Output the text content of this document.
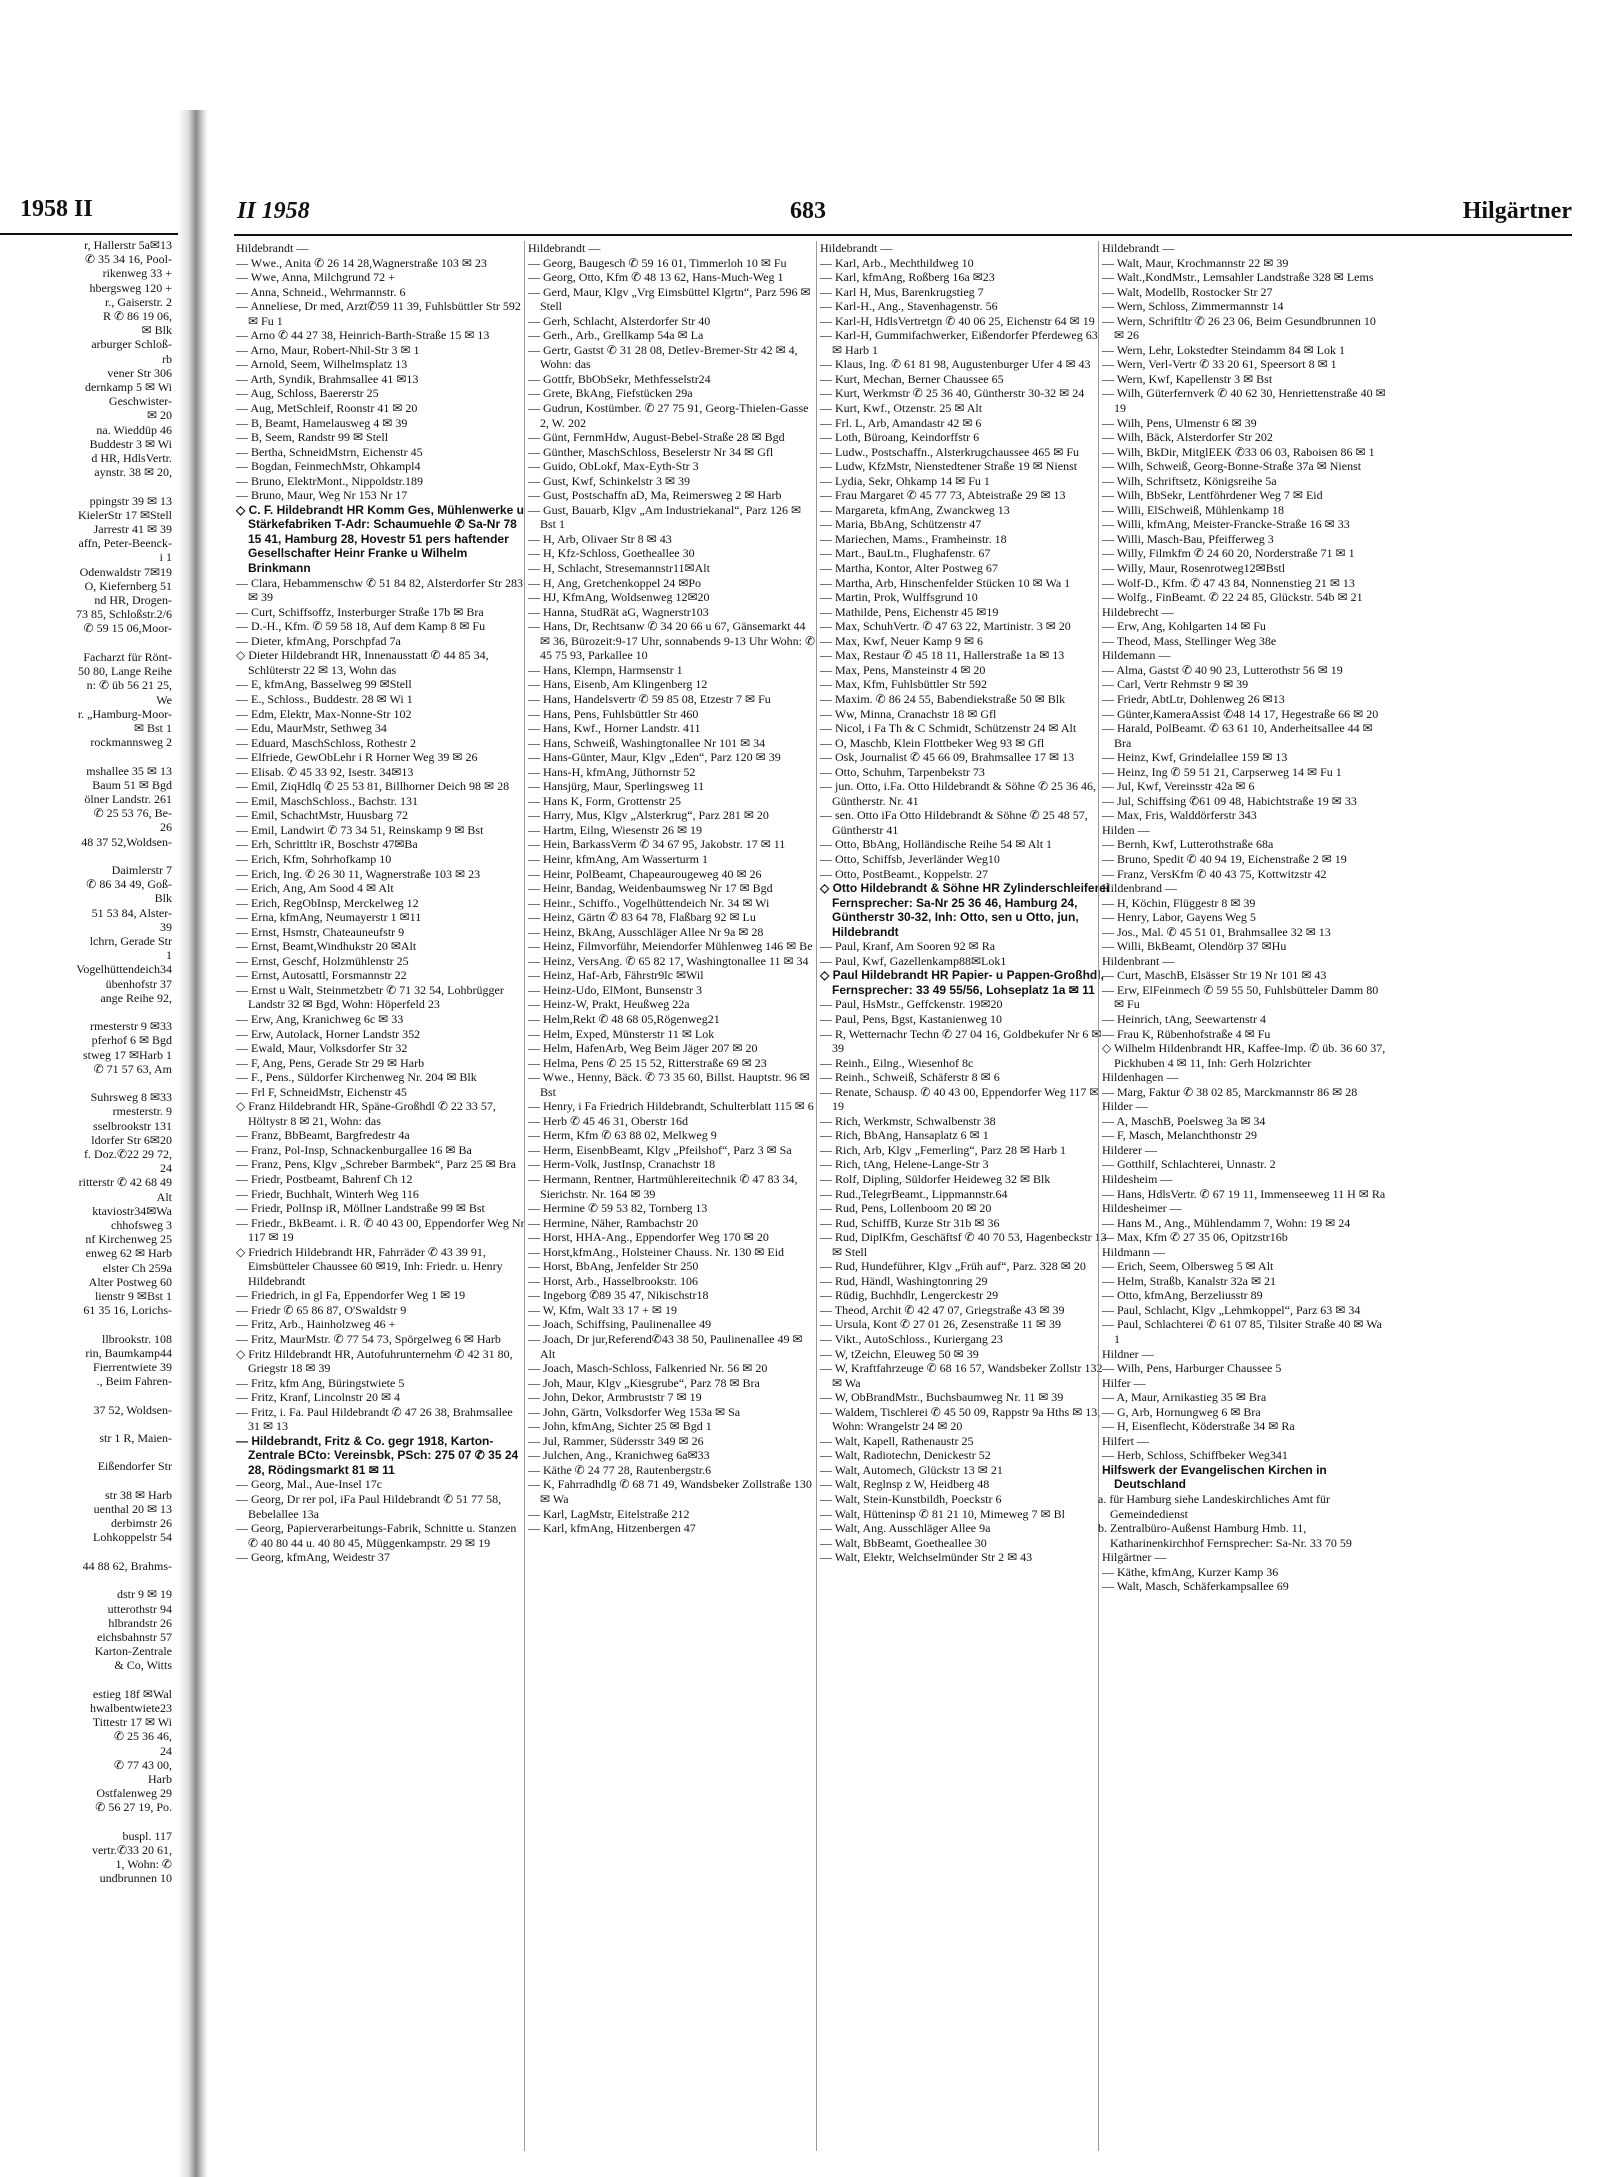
1958 II
r, Hallerstr 5a✉13
✆ 35 34 16, Pool-
rikenweg 33 +
hbergsweg 120 +
r., Gaiserstr. 2
R ✆ 86 19 06,
✉ Blk
arburger Schloß-
rb
vener Str 306
dernkamp 5 ✉ Wi
Geschwister-
✉ 20
na. Wieddüp 46
Buddestr 3 ✉ Wi
d HR, HdlsVertr.
aynstr. 38 ✉ 20,

ppingstr 39 ✉ 13
KielerStr 17 ✉Stell
Jarrestr 41 ✉ 39
affn, Peter-Beenck-
i 1
Odenwaldstr 7✉19
O, Kiefernberg 51
nd HR, Drogen-
73 85, Schloßstr.2/6
✆ 59 15 06,Moor-

Facharzt für Rönt-
50 80, Lange Reihe
n: ✆ üb 56 21 25,
We
r. „Hamburg-Moor-
✉ Bst 1
rockmannsweg 2

mshallee 35 ✉ 13
Baum 51 ✉ Bgd
ölner Landstr. 261
✆ 25 53 76, Be-
26
48 37 52,Woldsen-

Daimlerstr 7
✆ 86 34 49, Goß-
Blk
51 53 84, Alster-
39
lchrn, Gerade Str
1
Vogelhüttendeich34
übenhofstr 37
ange Reihe 92,

rmesterstr 9 ✉33
pferhof 6 ✉ Bgd
stweg 17 ✉Harb 1
✆ 71 57 63, Am

Suhrsweg 8 ✉33
rmesterstr. 9
sselbrookstr 131
ldorfer Str 6✉20
f. Doz.✆22 29 72,
24
ritterstr ✆ 42 68 49
Alt
ktaviostr34✉Wa
chhofsweg 3
nf Kirchenweg 25
enweg 62 ✉ Harb
elster Ch 259a
Alter Postweg 60
lienstr 9 ✉Bst 1
61 35 16, Lorichs-

llbrookstr. 108
rin, Baumkamp44
Fierrentwiete 39
., Beim Fahren-

37 52, Woldsen-

str 1 R, Maien-

Eißendorfer Str

str 38 ✉ Harb
uenthal 20 ✉ 13
derbimstr 26
Lohkoppelstr 54

44 88 62, Brahms-

dstr 9 ✉ 19
utterothstr 94
hlbrandstr 26
eichsbahnstr 57
Karton-Zentrale
& Co, Witts

estieg 18f ✉Wal
hwalbentwiete23
Tittestr 17 ✉ Wi
✆ 25 36 46,
24
✆ 77 43 00,
Harb
Ostfalenweg 29
✆ 56 27 19, Po.

buspl. 117
vertr.✆33 20 61,
1, Wohn: ✆
undbrunnen 10
II 1958	683	Hilgärtner

Hildebrandt —

— Wwe., Anita ✆ 26 14 28,Wagnerstraße 103 ✉ 23

— Wwe, Anna, Milchgrund 72 +

— Anna, Schneid., Wehrmannstr. 6

— Anneliese, Dr med, Arzt✆59 11 39, Fuhlsbüttler Str 592 ✉ Fu 1

— Arno ✆ 44 27 38, Heinrich-Barth-Straße 15 ✉ 13

— Arno, Maur, Robert-Nhil-Str 3 ✉ 1

— Arnold, Seem, Wilhelmsplatz 13

— Arth, Syndik, Brahmsallee 41 ✉13

— Aug, Schloss, Baererstr 25

— Aug, MetSchleif, Roonstr 41 ✉ 20

— B, Beamt, Hamelausweg 4 ✉ 39

— B, Seem, Randstr 99 ✉ Stell

— Bertha, SchneidMstrn, Eichenstr 45

— Bogdan, FeinmechMstr, Ohkampl4

— Bruno, ElektrMont., Nippoldstr.189

— Bruno, Maur, Weg Nr 153 Nr 17

◇ C. F. Hildebrandt HR Komm Ges, Mühlenwerke u Stärkefabriken T-Adr: Schaumuehle ✆ Sa-Nr 78 15 41, Hamburg 28, Hovestr 51 pers haftender Gesellschafter Heinr Franke u Wilhelm Brinkmann

— Clara, Hebammenschw ✆ 51 84 82, Alsterdorfer Str 283 ✉ 39

— Curt, Schiffsoffz, Insterburger Straße 17b ✉ Bra

— D.-H., Kfm. ✆ 59 58 18, Auf dem Kamp 8 ✉ Fu

— Dieter, kfmAng, Porschpfad 7a

◇ Dieter Hildebrandt HR, Innenausstatt ✆ 44 85 34, Schlüterstr 22 ✉ 13, Wohn das

— E, kfmAng, Basselweg 99 ✉Stell

— E., Schloss., Buddestr. 28 ✉ Wi 1

— Edm, Elektr, Max-Nonne-Str 102

— Edu, MaurMstr, Sethweg 34

— Eduard, MaschSchloss, Rothestr 2

— Elfriede, GewObLehr i R Horner Weg 39 ✉ 26

— Elisab. ✆ 45 33 92, Isestr. 34✉13

— Emil, ZiqHdlq ✆ 25 53 81, Billhorner Deich 98 ✉ 28

— Emil, MaschSchloss., Bachstr. 131

— Emil, SchachtMstr, Huusbarg 72

— Emil, Landwirt ✆ 73 34 51, Reinskamp 9 ✉ Bst

— Erh, Schrittltr iR, Boschstr 47✉Ba

— Erich, Kfm, Sohrhofkamp 10

— Erich, Ing. ✆ 26 30 11, Wagnerstraße 103 ✉ 23

— Erich, Ang, Am Sood 4 ✉ Alt

— Erich, RegObInsp, Merckelweg 12

— Erna, kfmAng, Neumayerstr 1 ✉11

— Ernst, Hsmstr, Chateauneufstr 9

— Ernst, Beamt,Windhukstr 20 ✉Alt

— Ernst, Geschf, Holzmühlenstr 25

— Ernst, Autosattl, Forsmannstr 22

— Ernst u Walt, Steinmetzbetr ✆ 71 32 54, Lohbrügger Landstr 32 ✉ Bgd, Wohn: Höperfeld 23

— Erw, Ang, Kranichweg 6c ✉ 33

— Erw, Autolack, Horner Landstr 352

— Ewald, Maur, Volksdorfer Str 32

— F, Ang, Pens, Gerade Str 29 ✉ Harb

— F., Pens., Süldorfer Kirchenweg Nr. 204 ✉ Blk

— Frl F, SchneidMstr, Eichenstr 45

◇ Franz Hildebrandt HR, Späne-Großhdl ✆ 22 33 57, Höltystr 8 ✉ 21, Wohn: das

— Franz, BbBeamt, Bargfredestr 4a

— Franz, Pol-Insp, Schnackenburgallee 16 ✉ Ba

— Franz, Pens, Klgv „Schreber Barmbek“, Parz 25 ✉ Bra

— Friedr, Postbeamt, Bahrenf Ch 12

— Friedr, Buchhalt, Winterh Weg 116

— Friedr, PolInsp iR, Möllner Landstraße 99 ✉ Bst

— Friedr., BkBeamt. i. R. ✆ 40 43 00, Eppendorfer Weg Nr 117 ✉ 19

◇ Friedrich Hildebrandt HR, Fahrräder ✆ 43 39 91, Eimsbütteler Chaussee 60 ✉19, Inh: Friedr. u. Henry Hildebrandt

— Friedrich, in gl Fa, Eppendorfer Weg 1 ✉ 19

— Friedr ✆ 65 86 87, O'Swaldstr 9

— Fritz, Arb., Hainholzweg 46 +

— Fritz, MaurMstr. ✆ 77 54 73, Spörgelweg 6 ✉ Harb

◇ Fritz Hildebrandt HR, Autofuhrunternehm ✆ 42 31 80, Griegstr 18 ✉ 39

— Fritz, kfm Ang, Büringstwiete 5

— Fritz, Kranf, Lincolnstr 20 ✉ 4

— Fritz, i. Fa. Paul Hildebrandt ✆ 47 26 38, Brahmsallee 31 ✉ 13

— Hildebrandt, Fritz & Co. gegr 1918, Karton-Zentrale BCto: Vereinsbk, PSch: 275 07 ✆ 35 24 28, Rödingsmarkt 81 ✉ 11

— Georg, Mal., Aue-Insel 17c

— Georg, Dr rer pol, iFa Paul Hildebrandt ✆ 51 77 58, Bebelallee 13a

— Georg, Papierverarbeitungs-Fabrik, Schnitte u. Stanzen ✆ 40 80 44 u. 40 80 45, Müggenkampstr. 29 ✉ 19

— Georg, kfmAng, Weidestr 37

Hildebrandt —

— Georg, Baugesch ✆ 59 16 01, Timmerloh 10 ✉ Fu

— Georg, Otto, Kfm ✆ 48 13 62, Hans-Much-Weg 1

— Gerd, Maur, Klgv „Vrg Eimsbüttel Klgrtn“, Parz 596 ✉ Stell

— Gerh, Schlacht, Alsterdorfer Str 40

— Gerh., Arb., Grellkamp 54a ✉ La

— Gertr, Gastst ✆ 31 28 08, Detlev-Bremer-Str 42 ✉ 4, Wohn: das

— Gottfr, BbObSekr, Methfesselstr24

— Grete, BkAng, Fiefstücken 29a

— Gudrun, Kostümber. ✆ 27 75 91, Georg-Thielen-Gasse 2, W. 202

— Günt, FernmHdw, August-Bebel-Straße 28 ✉ Bgd

— Günther, MaschSchloss, Beselerstr Nr 34 ✉ Gfl

— Guido, ObLokf, Max-Eyth-Str 3

— Gust, Kwf, Schinkelstr 3 ✉ 39

— Gust, Postschaffn aD, Ma, Reimersweg 2 ✉ Harb

— Gust, Bauarb, Klgv „Am Industriekanal“, Parz 126 ✉ Bst 1

— H, Arb, Olivaer Str 8 ✉ 43

— H, Kfz-Schloss, Goetheallee 30

— H, Schlacht, Stresemannstr11✉Alt

— H, Ang, Gretchenkoppel 24 ✉Po

— HJ, KfmAng, Woldsenweg 12✉20

— Hanna, StudRät aG, Wagnerstr103

— Hans, Dr, Rechtsanw ✆ 34 20 66 u 67, Gänsemarkt 44 ✉ 36, Bürozeit:9-17 Uhr, sonnabends 9-13 Uhr Wohn: ✆ 45 75 93, Parkallee 10

— Hans, Klempn, Harmsenstr 1

— Hans, Eisenb, Am Klingenberg 12

— Hans, Handelsvertr ✆ 59 85 08, Etzestr 7 ✉ Fu

— Hans, Pens, Fuhlsbüttler Str 460

— Hans, Kwf., Horner Landstr. 411

— Hans, Schweiß, Washingtonallee Nr 101 ✉ 34

— Hans-Günter, Maur, Klgv „Eden“, Parz 120 ✉ 39

— Hans-H, kfmAng, Jüthornstr 52

— Hansjürg, Maur, Sperlingsweg 11

— Hans K, Form, Grottenstr 25

— Harry, Mus, Klgv „Alsterkrug“, Parz 281 ✉ 20

— Hartm, Eilng, Wiesenstr 26 ✉ 19

— Hein, BarkassVerm ✆ 34 67 95, Jakobstr. 17 ✉ 11

— Heinr, kfmAng, Am Wasserturm 1

— Heinr, PolBeamt, Chapeaurougeweg 40 ✉ 26

— Heinr, Bandag, Weidenbaumsweg Nr 17 ✉ Bgd

— Heinr., Schiffo., Vogelhüttendeich Nr. 34 ✉ Wi

— Heinz, Gärtn ✆ 83 64 78, Flaßbarg 92 ✉ Lu

— Heinz, BkAng, Ausschläger Allee Nr 9a ✉ 28

— Heinz, Filmvorführ, Meiendorfer Mühlenweg 146 ✉ Be

— Heinz, VersAng. ✆ 65 82 17, Washingtonallee 11 ✉ 34

— Heinz, Haf-Arb, Fährstr9lc ✉Wil

— Heinz-Udo, ElMont, Bunsenstr 3

— Heinz-W, Prakt, Heußweg 22a

— Helm,Rekt ✆ 48 68 05,Rögenweg21

— Helm, Exped, Münsterstr 11 ✉ Lok

— Helm, HafenArb, Weg Beim Jäger 207 ✉ 20

— Helma, Pens ✆ 25 15 52, Ritterstraße 69 ✉ 23

— Wwe., Henny, Bäck. ✆ 73 35 60, Billst. Hauptstr. 96 ✉ Bst

— Henry, i Fa Friedrich Hildebrandt, Schulterblatt 115 ✉ 6

— Herb ✆ 45 46 31, Oberstr 16d

— Herm, Kfm ✆ 63 88 02, Melkweg 9

— Herm, EisenbBeamt, Klgv „Pfeilshof“, Parz 3 ✉ Sa

— Herm-Volk, JustInsp, Cranachstr 18

— Hermann, Rentner, Hartmühlereitechnik ✆ 47 83 34, Sierichstr. Nr. 164 ✉ 39

— Hermine ✆ 59 53 82, Tornberg 13

— Hermine, Näher, Rambachstr 20

— Horst, HHA-Ang., Eppendorfer Weg 170 ✉ 20

— Horst,kfmAng., Holsteiner Chauss. Nr. 130 ✉ Eid

— Horst, BbAng, Jenfelder Str 250

— Horst, Arb., Hasselbrookstr. 106

— Ingeborg ✆89 35 47, Nikischstr18

— W, Kfm, Walt 33 17 + ✉ 19

— Joach, Schiffsing, Paulinenallee 49

— Joach, Dr jur,Referend✆43 38 50, Paulinenallee 49 ✉ Alt

— Joach, Masch-Schloss, Falkenried Nr. 56 ✉ 20

— Joh, Maur, Klgv „Kiesgrube“, Parz 78 ✉ Bra

— John, Dekor, Armbruststr 7 ✉ 19

— John, Gärtn, Volksdorfer Weg 153a ✉ Sa

— John, kfmAng, Sichter 25 ✉ Bgd 1

— Jul, Rammer, Südersstr 349 ✉ 26

— Julchen, Ang., Kranichweg 6a✉33

— Käthe ✆ 24 77 28, Rautenbergstr.6

— K, Fahrradhdlg ✆ 68 71 49, Wandsbeker Zollstraße 130 ✉ Wa

— Karl, LagMstr, Eitelstraße 212

— Karl, kfmAng, Hitzenbergen 47

Hildebrandt —

— Karl, Arb., Mechthildweg 10

— Karl, kfmAng, Roßberg 16a ✉23

— Karl H, Mus, Barenkrugstieg 7

— Karl-H., Ang., Stavenhagenstr. 56

— Karl-H, HdlsVertretgn ✆ 40 06 25, Eichenstr 64 ✉ 19

— Karl-H, Gummifachwerker, Eißendorfer Pferdeweg 63 ✉ Harb 1

— Klaus, Ing. ✆ 61 81 98, Augustenburger Ufer 4 ✉ 43

— Kurt, Mechan, Berner Chaussee 65

— Kurt, Werkmstr ✆ 25 36 40, Güntherstr 30-32 ✉ 24

— Kurt, Kwf., Otzenstr. 25 ✉ Alt

— Frl. L, Arb, Amandastr 42 ✉ 6

— Loth, Büroang, Keindorffstr 6

— Ludw., Postschaffn., Alsterkrugchaussee 465 ✉ Fu

— Ludw, KfzMstr, Nienstedtener Straße 19 ✉ Nienst

— Lydia, Sekr, Ohkamp 14 ✉ Fu 1

— Frau Margaret ✆ 45 77 73, Abteistraße 29 ✉ 13

— Margareta, kfmAng, Zwanckweg 13

— Maria, BbAng, Schützenstr 47

— Mariechen, Mams., Framheinstr. 18

— Mart., BauLtn., Flughafenstr. 67

— Martha, Kontor, Alter Postweg 67

— Martha, Arb, Hinschenfelder Stücken 10 ✉ Wa 1

— Martin, Prok, Wulffsgrund 10

— Mathilde, Pens, Eichenstr 45 ✉19

— Max, SchuhVertr. ✆ 47 63 22, Martinistr. 3 ✉ 20

— Max, Kwf, Neuer Kamp 9 ✉ 6

— Max, Restaur ✆ 45 18 11, Hallerstraße 1a ✉ 13

— Max, Pens, Mansteinstr 4 ✉ 20

— Max, Kfm, Fuhlsbüttler Str 592

— Maxim. ✆ 86 24 55, Babendiekstraße 50 ✉ Blk

— Ww, Minna, Cranachstr 18 ✉ Gfl

— Nicol, i Fa Th & C Schmidt, Schützenstr 24 ✉ Alt

— O, Maschb, Klein Flottbeker Weg 93 ✉ Gfl

— Osk, Journalist ✆ 45 66 09, Brahmsallee 17 ✉ 13

— Otto, Schuhm, Tarpenbekstr 73

— jun. Otto, i.Fa. Otto Hildebrandt & Söhne ✆ 25 36 46, Güntherstr. Nr. 41

— sen. Otto iFa Otto Hildebrandt & Söhne ✆ 25 48 57, Güntherstr 41

— Otto, BbAng, Holländische Reihe 54 ✉ Alt 1

— Otto, Schiffsb, Jeverländer Weg10

— Otto, PostBeamt., Koppelstr. 27

◇ Otto Hildebrandt & Söhne HR Zylinderschleiferei Fernsprecher: Sa-Nr 25 36 46, Hamburg 24, Güntherstr 30-32, Inh: Otto, sen u Otto, jun, Hildebrandt

— Paul, Kranf, Am Sooren 92 ✉ Ra

— Paul, Kwf, Gazellenkamp88✉Lok1

◇ Paul Hildebrandt HR Papier- u Pappen-Großhdl, Fernsprecher: 33 49 55/56, Lohseplatz 1a ✉ 11

— Paul, HsMstr., Geffckenstr. 19✉20

— Paul, Pens, Bgst, Kastanienweg 10

— R, Wetternachr Techn ✆ 27 04 16, Goldbekufer Nr 6 ✉ 39

— Reinh., Eilng., Wiesenhof 8c

— Reinh., Schweiß, Schäferstr 8 ✉ 6

— Renate, Schausp. ✆ 40 43 00, Eppendorfer Weg 117 ✉ 19

— Rich, Werkmstr, Schwalbenstr 38

— Rich, BbAng, Hansaplatz 6 ✉ 1

— Rich, Arb, Klgv „Femerling“, Parz 28 ✉ Harb 1

— Rich, tAng, Helene-Lange-Str 3

— Rolf, Dipling, Süldorfer Heideweg 32 ✉ Blk

— Rud.,TelegrBeamt., Lippmannstr.64

— Rud, Pens, Lollenboom 20 ✉ 20

— Rud, SchiffB, Kurze Str 31b ✉ 36

— Rud, DiplKfm, Geschäftsf ✆ 40 70 53, Hagenbeckstr 13 ✉ Stell

— Rud, Hundeführer, Klgv „Früh auf“, Parz. 328 ✉ 20

— Rud, Händl, Washingtonring 29

— Rüdig, Buchhdlr, Lengerckestr 29

— Theod, Archit ✆ 42 47 07, Griegstraße 43 ✉ 39

— Ursula, Kont ✆ 27 01 26, Zesenstraße 11 ✉ 39

— Vikt., AutoSchloss., Kuriergang 23

— W, tZeichn, Eleuweg 50 ✉ 39

— W, Kraftfahrzeuge ✆ 68 16 57, Wandsbeker Zollstr 132 ✉ Wa

— W, ObBrandMstr., Buchsbaumweg Nr. 11 ✉ 39

— Waldem, Tischlerei ✆ 45 50 09, Rappstr 9a Hths ✉ 13, Wohn: Wrangelstr 24 ✉ 20

— Walt, Kapell, Rathenaustr 25

— Walt, Radiotechn, Denickestr 52

— Walt, Automech, Glückstr 13 ✉ 21

— Walt, Reglnsp z W, Heidberg 48

— Walt, Stein-Kunstbildh, Poeckstr 6

— Walt, Hütteninsp ✆ 81 21 10, Mimeweg 7 ✉ Bl

— Walt, Ang. Ausschläger Allee 9a

— Walt, BbBeamt, Goetheallee 30

— Walt, Elektr, Welchselmünder Str 2 ✉ 43

Hildebrandt —

— Walt, Maur, Krochmannstr 22 ✉ 39

— Walt.,KondMstr., Lemsahler Landstraße 328 ✉ Lems

— Walt, Modellb, Rostocker Str 27

— Wern, Schloss, Zimmermannstr 14

— Wern, Schriftltr ✆ 26 23 06, Beim Gesundbrunnen 10 ✉ 26

— Wern, Lehr, Lokstedter Steindamm 84 ✉ Lok 1

— Wern, Verl-Vertr ✆ 33 20 61, Speersort 8 ✉ 1

— Wern, Kwf, Kapellenstr 3 ✉ Bst

— Wilh, Güterfernverk ✆ 40 62 30, Henriettenstraße 40 ✉ 19

— Wilh, Pens, Ulmenstr 6 ✉ 39

— Wilh, Bäck, Alsterdorfer Str 202

— Wilh, BkDir, MitglEEK ✆33 06 03, Raboisen 86 ✉ 1

— Wilh, Schweiß, Georg-Bonne-Straße 37a ✉ Nienst

— Wilh, Schriftsetz, Königsreihe 5a

— Wilh, BbSekr, Lentföhrdener Weg 7 ✉ Eid

— Willi, ElSchweiß, Mühlenkamp 18

— Willi, kfmAng, Meister-Francke-Straße 16 ✉ 33

— Willi, Masch-Bau, Pfeifferweg 3

— Willy, Filmkfm ✆ 24 60 20, Norderstraße 71 ✉ 1

— Willy, Maur, Rosenrotweg12✉Bstl

— Wolf-D., Kfm. ✆ 47 43 84, Nonnenstieg 21 ✉ 13

— Wolfg., FinBeamt. ✆ 22 24 85, Glückstr. 54b ✉ 21

Hildebrecht —

— Erw, Ang, Kohlgarten 14 ✉ Fu

— Theod, Mass, Stellinger Weg 38e

Hildemann —

— Alma, Gastst ✆ 40 90 23, Lutterothstr 56 ✉ 19

— Carl, Vertr Rehmstr 9 ✉ 39

— Friedr, AbtLtr, Dohlenweg 26 ✉13

— Günter,KameraAssist ✆48 14 17, Hegestraße 66 ✉ 20

— Harald, PolBeamt. ✆ 63 61 10, Anderheitsallee 44 ✉ Bra

— Heinz, Kwf, Grindelallee 159 ✉ 13

— Heinz, Ing ✆ 59 51 21, Carpserweg 14 ✉ Fu 1

— Jul, Kwf, Vereinsstr 42a ✉ 6

— Jul, Schiffsing ✆61 09 48, Habichtstraße 19 ✉ 33

— Max, Fris, Walddörferstr 343

Hilden —

— Bernh, Kwf, Lutterothstraße 68a

— Bruno, Spedit ✆ 40 94 19, Eichenstraße 2 ✉ 19

— Franz, VersKfm ✆ 40 43 75, Kottwitzstr 42

Hildenbrand —

— H, Köchin, Flüggestr 8 ✉ 39

— Henry, Labor, Gayens Weg 5

— Jos., Mal. ✆ 45 51 01, Brahmsallee 32 ✉ 13

— Willi, BkBeamt, Olendörp 37 ✉Hu

Hildenbrant —

— Curt, MaschB, Elsässer Str 19 Nr 101 ✉ 43

— Erw, ElFeinmech ✆ 59 55 50, Fuhlsbütteler Damm 80 ✉ Fu

— Heinrich, tAng, Seewartenstr 4

— Frau K, Rübenhofstraße 4 ✉ Fu

◇ Wilhelm Hildenbrandt HR, Kaffee-Imp. ✆ üb. 36 60 37, Pickhuben 4 ✉ 11, Inh: Gerh Holzrichter

Hildenhagen —

— Marg, Faktur ✆ 38 02 85, Marckmannstr 86 ✉ 28

Hilder —

— A, MaschB, Poelsweg 3a ✉ 34

— F, Masch, Melanchthonstr 29

Hilderer —

— Gotthilf, Schlachterei, Unnastr. 2

Hildesheim —

— Hans, HdlsVertr. ✆ 67 19 11, Immenseeweg 11 H ✉ Ra

Hildesheimer —

— Hans M., Ang., Mühlendamm 7, Wohn: 19 ✉ 24

— Max, Kfm ✆ 27 35 06, Opitzstr16b

Hildmann —

— Erich, Seem, Olbersweg 5 ✉ Alt

— Helm, Straßb, Kanalstr 32a ✉ 21

— Otto, kfmAng, Berzeliusstr 89

— Paul, Schlacht, Klgv „Lehmkoppel“, Parz 63 ✉ 34

— Paul, Schlachterei ✆ 61 07 85, Tilsiter Straße 40 ✉ Wa 1

Hildner —

— Wilh, Pens, Harburger Chaussee 5

Hilfer —

— A, Maur, Arnikastieg 35 ✉ Bra

— G, Arb, Hornungweg 6 ✉ Bra

— H, Eisenflecht, Köderstraße 34 ✉ Ra

Hilfert —

— Herb, Schloss, Schiffbeker Weg341

Hilfswerk der Evangelischen Kirchen in Deutschland

a. für Hamburg siehe Landeskirchliches Amt für Gemeindedienst

b. Zentralbüro-Außenst Hamburg Hmb. 11, Katharinenkirchhof Fernsprecher: Sa-Nr. 33 70 59

Hilgärtner —

— Käthe, kfmAng, Kurzer Kamp 36

— Walt, Masch, Schäferkampsallee 69
